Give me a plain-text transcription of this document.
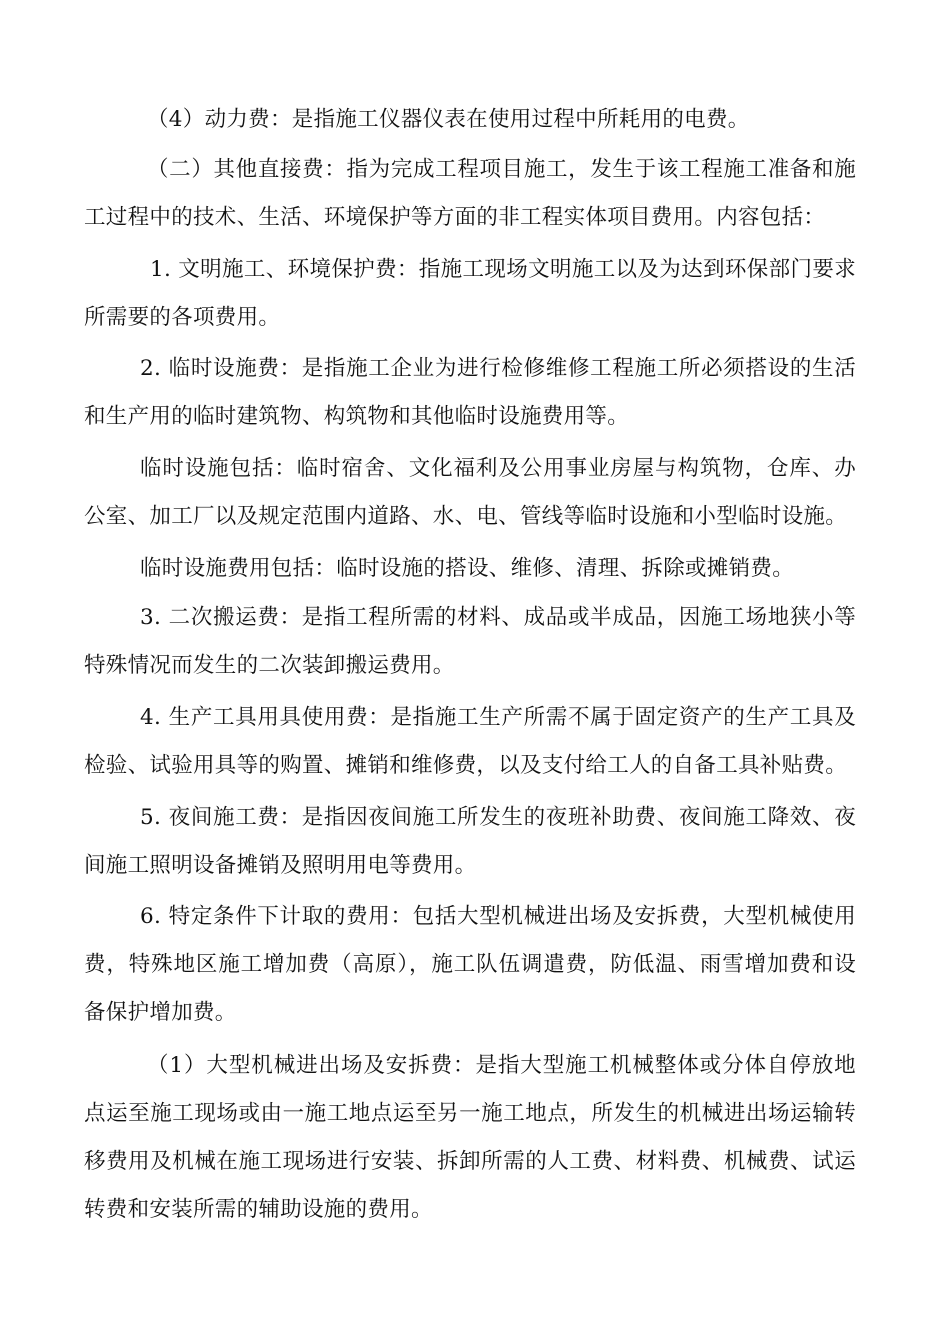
（4）动力费：是指施工仪器仪表在使用过程中所耗用的电费。

（二）其他直接费：指为完成工程项目施工，发生于该工程施工准备和施工过程中的技术、生活、环境保护等方面的非工程实体项目费用。内容包括：

1. 文明施工、环境保护费：指施工现场文明施工以及为达到环保部门要求所需要的各项费用。

2. 临时设施费：是指施工企业为进行检修维修工程施工所必须搭设的生活和生产用的临时建筑物、构筑物和其他临时设施费用等。

临时设施包括：临时宿舍、文化福利及公用事业房屋与构筑物，仓库、办公室、加工厂以及规定范围内道路、水、电、管线等临时设施和小型临时设施。

临时设施费用包括：临时设施的搭设、维修、清理、拆除或摊销费。

3. 二次搬运费：是指工程所需的材料、成品或半成品，因施工场地狭小等特殊情况而发生的二次装卸搬运费用。

4. 生产工具用具使用费：是指施工生产所需不属于固定资产的生产工具及检验、试验用具等的购置、摊销和维修费，以及支付给工人的自备工具补贴费。

5. 夜间施工费：是指因夜间施工所发生的夜班补助费、夜间施工降效、夜间施工照明设备摊销及照明用电等费用。

6. 特定条件下计取的费用：包括大型机械进出场及安拆费，大型机械使用费，特殊地区施工增加费（高原），施工队伍调遣费，防低温、雨雪增加费和设备保护增加费。

（1）大型机械进出场及安拆费：是指大型施工机械整体或分体自停放地点运至施工现场或由一施工地点运至另一施工地点，所发生的机械进出场运输转移费用及机械在施工现场进行安装、拆卸所需的人工费、材料费、机械费、试运转费和安装所需的辅助设施的费用。
